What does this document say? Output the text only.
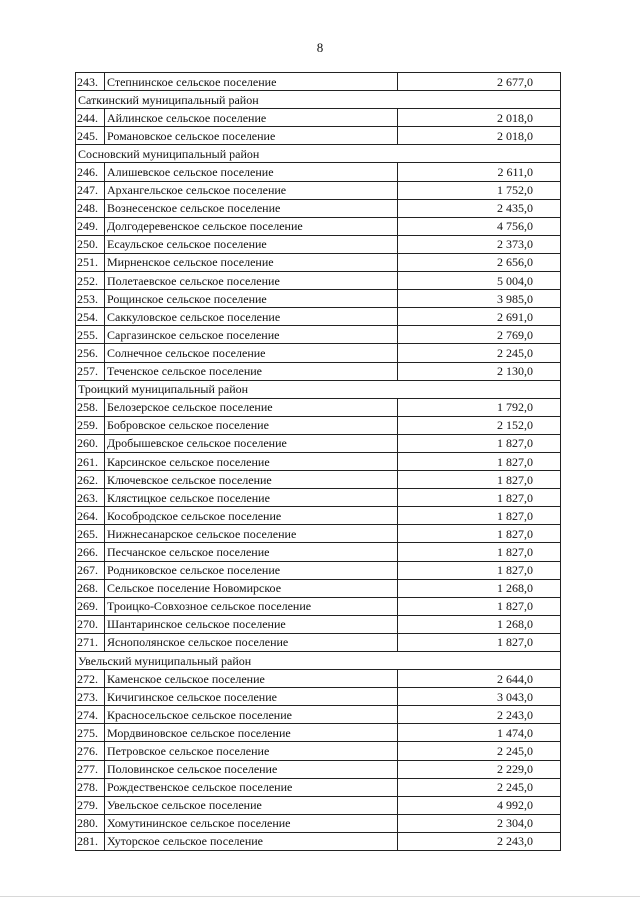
8
243.	Степнинское сельское поселение	2 677,0
Саткинский муниципальный район		
244.	Айлинское сельское поселение	2 018,0
245.	Романовское сельское поселение	2 018,0
Сосновский муниципальный район		
246.	Алишевское сельское поселение	2 611,0
247.	Архангельское сельское поселение	1 752,0
248.	Вознесенское сельское поселение	2 435,0
249.	Долгодеревенское сельское поселение	4 756,0
250.	Есаульское сельское поселение	2 373,0
251.	Мирненское сельское поселение	2 656,0
252.	Полетаевское сельское поселение	5 004,0
253.	Рощинское сельское поселение	3 985,0
254.	Саккуловское сельское поселение	2 691,0
255.	Саргазинское сельское поселение	2 769,0
256.	Солнечное сельское поселение	2 245,0
257.	Теченское сельское поселение	2 130,0
Троицкий муниципальный район		
258.	Белозерское сельское поселение	1 792,0
259.	Бобровское сельское поселение	2 152,0
260.	Дробышевское сельское поселение	1 827,0
261.	Карсинское сельское поселение	1 827,0
262.	Ключевское сельское поселение	1 827,0
263.	Клястицкое сельское поселение	1 827,0
264.	Кособродское сельское поселение	1 827,0
265.	Нижнесанарское сельское поселение	1 827,0
266.	Песчанское сельское поселение	1 827,0
267.	Родниковское сельское поселение	1 827,0
268.	Сельское поселение Новомирское	1 268,0
269.	Троицко-Совхозное сельское поселение	1 827,0
270.	Шантаринское сельское поселение	1 268,0
271.	Яснополянское сельское поселение	1 827,0
Увельский муниципальный район		
272.	Каменское сельское поселение	2 644,0
273.	Кичигинское сельское поселение	3 043,0
274.	Красносельское сельское поселение	2 243,0
275.	Мордвиновское сельское поселение	1 474,0
276.	Петровское сельское поселение	2 245,0
277.	Половинское сельское поселение	2 229,0
278.	Рождественское сельское поселение	2 245,0
279.	Увельское сельское поселение	4 992,0
280.	Хомутининское сельское поселение	2 304,0
281.	Хуторское сельское поселение	2 243,0
